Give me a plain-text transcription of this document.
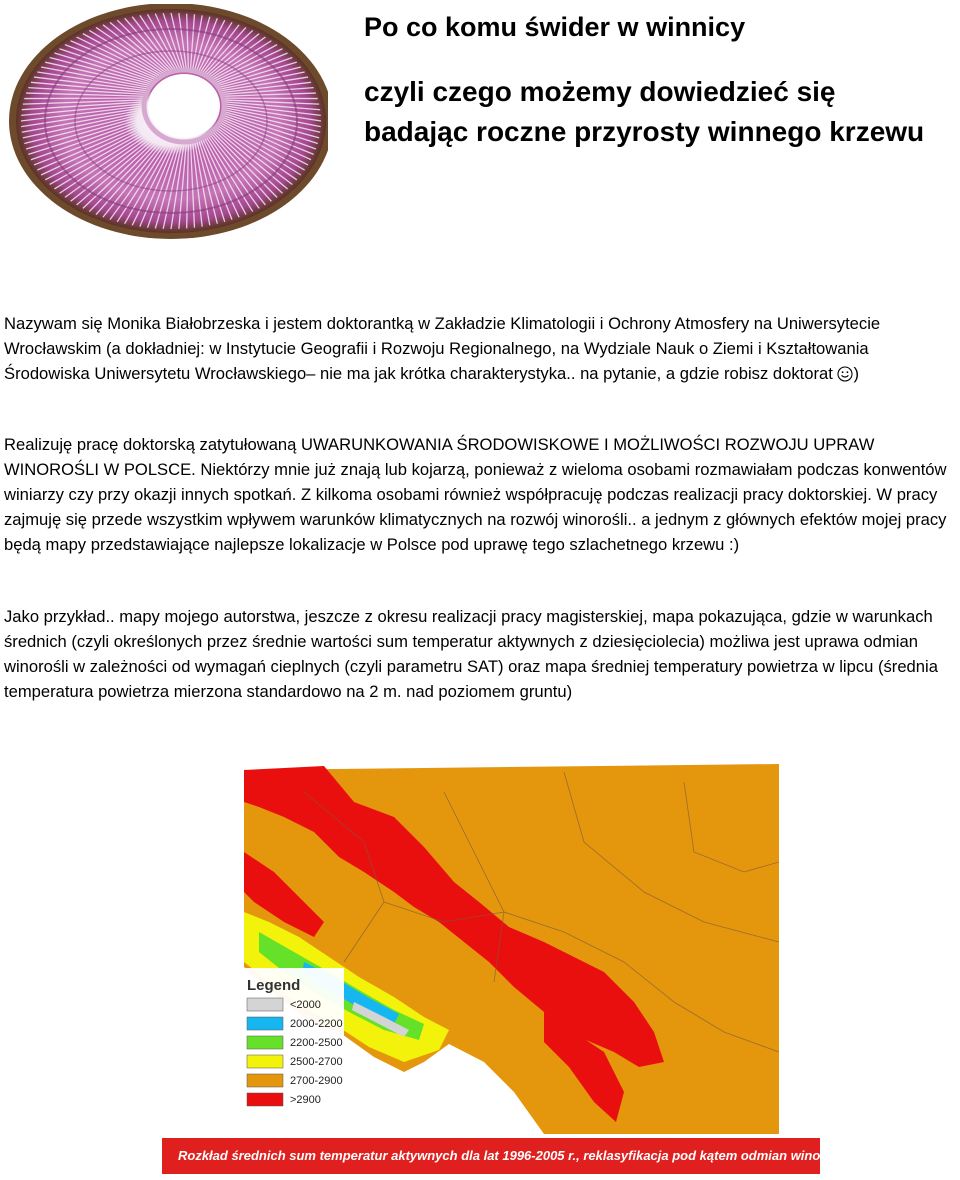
Po co komu świder w winnicy
czyli czego możemy dowiedzieć się
badając roczne przyrosty winnego krzewu

Nazywam się Monika Białobrzeska i jestem doktorantką w Zakładzie Klimatologii i Ochrony Atmosfery na Uniwersytecie Wrocławskim (a dokładniej: w Instytucie Geografii i Rozwoju Regionalnego, na Wydziale Nauk o Ziemi i Kształtowania Środowiska Uniwersytetu Wrocławskiego– nie ma jak krótka charakterystyka.. na pytanie, a gdzie robisz doktorat )

Realizuję pracę doktorską zatytułowaną UWARUNKOWANIA ŚRODOWISKOWE I MOŻLIWOŚCI ROZWOJU UPRAW WINOROŚLI W POLSCE. Niektórzy mnie już znają lub kojarzą, ponieważ z wieloma osobami rozmawiałam podczas konwentów winiarzy czy przy okazji innych spotkań. Z kilkoma osobami również współpracuję podczas realizacji pracy doktorskiej. W pracy zajmuję się przede wszystkim wpływem warunków klimatycznych na rozwój winorośli.. a jednym z głównych efektów mojej pracy będą mapy przedstawiające najlepsze lokalizacje w Polsce pod uprawę tego szlachetnego krzewu :)

Jako przykład.. mapy mojego autorstwa, jeszcze z okresu realizacji pracy magisterskiej, mapa pokazująca, gdzie w warunkach średnich (czyli określonych przez średnie wartości sum temperatur aktywnych z dziesięciolecia) możliwa jest uprawa odmian winorośli w zależności od wymagań cieplnych (czyli parametru SAT) oraz mapa średniej temperatury powietrza w lipcu (średnia temperatura powietrza mierzona standardowo na 2 m. nad poziomem gruntu)

Legend
<2000
2000-2200
2200-2500
2500-2700
2700-2900
>2900
Rozkład średnich sum temperatur aktywnych dla lat 1996-2005 r., reklasyfikacja pod kątem odmian winorośli
